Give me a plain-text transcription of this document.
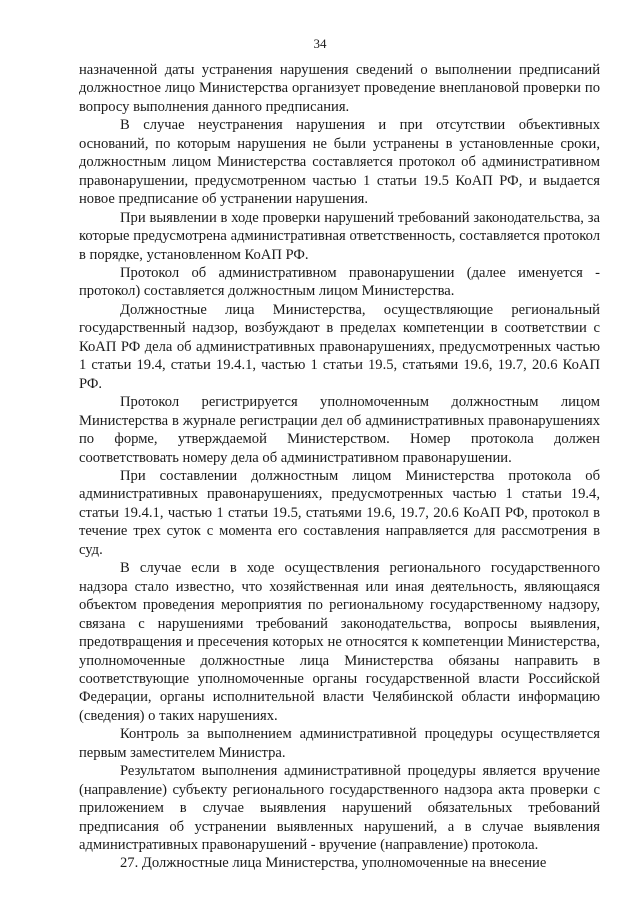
34

назначенной даты устранения нарушения сведений о выполнении предписаний должностное лицо Министерства организует проведение внеплановой проверки по вопросу выполнения данного предписания.

В случае неустранения нарушения и при отсутствии объективных оснований, по которым нарушения не были устранены в установленные сроки, должностным лицом Министерства составляется протокол об административном правонарушении, предусмотренном частью 1 статьи 19.5 КоАП РФ, и выдается новое предписание об устранении нарушения.

При выявлении в ходе проверки нарушений требований законодательства, за которые предусмотрена административная ответственность, составляется протокол в порядке, установленном КоАП РФ.

Протокол об административном правонарушении (далее именуется - протокол) составляется должностным лицом Министерства.

Должностные лица Министерства, осуществляющие региональный государственный надзор, возбуждают в пределах компетенции в соответствии с КоАП РФ дела об административных правонарушениях, предусмотренных частью 1 статьи 19.4, статьи 19.4.1, частью 1 статьи 19.5, статьями 19.6, 19.7, 20.6 КоАП РФ.

Протокол регистрируется уполномоченным должностным лицом Министерства в журнале регистрации дел об административных правонарушениях по форме, утверждаемой Министерством. Номер протокола должен соответствовать номеру дела об административном правонарушении.

При составлении должностным лицом Министерства протокола об административных правонарушениях, предусмотренных частью 1 статьи 19.4, статьи 19.4.1, частью 1 статьи 19.5, статьями 19.6, 19.7, 20.6 КоАП РФ, протокол в течение трех суток с момента его составления направляется для рассмотрения в суд.

В случае если в ходе осуществления регионального государственного надзора стало известно, что хозяйственная или иная деятельность, являющаяся объектом проведения мероприятия по региональному государственному надзору, связана с нарушениями требований законодательства, вопросы выявления, предотвращения и пресечения которых не относятся к компетенции Министерства, уполномоченные должностные лица Министерства обязаны направить в соответствующие уполномоченные органы государственной власти Российской Федерации, органы исполнительной власти Челябинской области информацию (сведения) о таких нарушениях.

Контроль за выполнением административной процедуры осуществляется первым заместителем Министра.

Результатом выполнения административной процедуры является вручение (направление) субъекту регионального государственного надзора акта проверки с приложением в случае выявления нарушений обязательных требований предписания об устранении выявленных нарушений, а в случае выявления административных правонарушений - вручение (направление) протокола.

27. Должностные лица Министерства, уполномоченные на внесение
